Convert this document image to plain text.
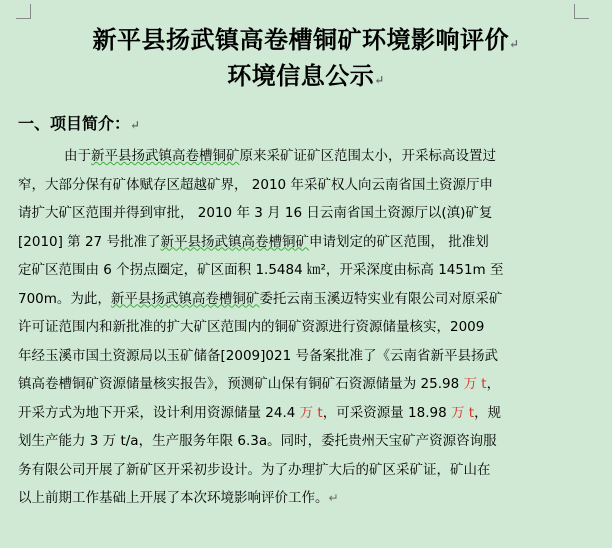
新平县扬武镇高卷槽铜矿环境影响评价↵
环境信息公示↵
一、项目简介：↵
由于新平县扬武镇高卷槽铜矿原来采矿证矿区范围太小，开采标高设置过
窄，大部分保有矿体赋存区超越矿界， 2010 年采矿权人向云南省国土资源厅申
请扩大矿区范围并得到审批， 2010 年 3 月 16 日云南省国土资源厅以(滇)矿复
[2010] 第 27 号批准了新平县扬武镇高卷槽铜矿申请划定的矿区范围， 批准划
定矿区范围由 6 个拐点圈定，矿区面积 1.5484 ㎞²，开采深度由标高 1451m 至
700m。为此，新平县扬武镇高卷槽铜矿委托云南玉溪迈特实业有限公司对原采矿
许可证范围内和新批准的扩大矿区范围内的铜矿资源进行资源储量核实，2009
年经玉溪市国土资源局以玉矿储备[2009]021 号备案批准了《云南省新平县扬武
镇高卷槽铜矿资源储量核实报告》，预测矿山保有铜矿石资源储量为 25.98 万 t，
开采方式为地下开采，设计利用资源储量 24.4 万 t，可采资源量 18.98 万 t，规
划生产能力 3 万 t/a，生产服务年限 6.3a。同时，委托贵州天宝矿产资源咨询服
务有限公司开展了新矿区开采初步设计。为了办理扩大后的矿区采矿证，矿山在
以上前期工作基础上开展了本次环境影响评价工作。↵
